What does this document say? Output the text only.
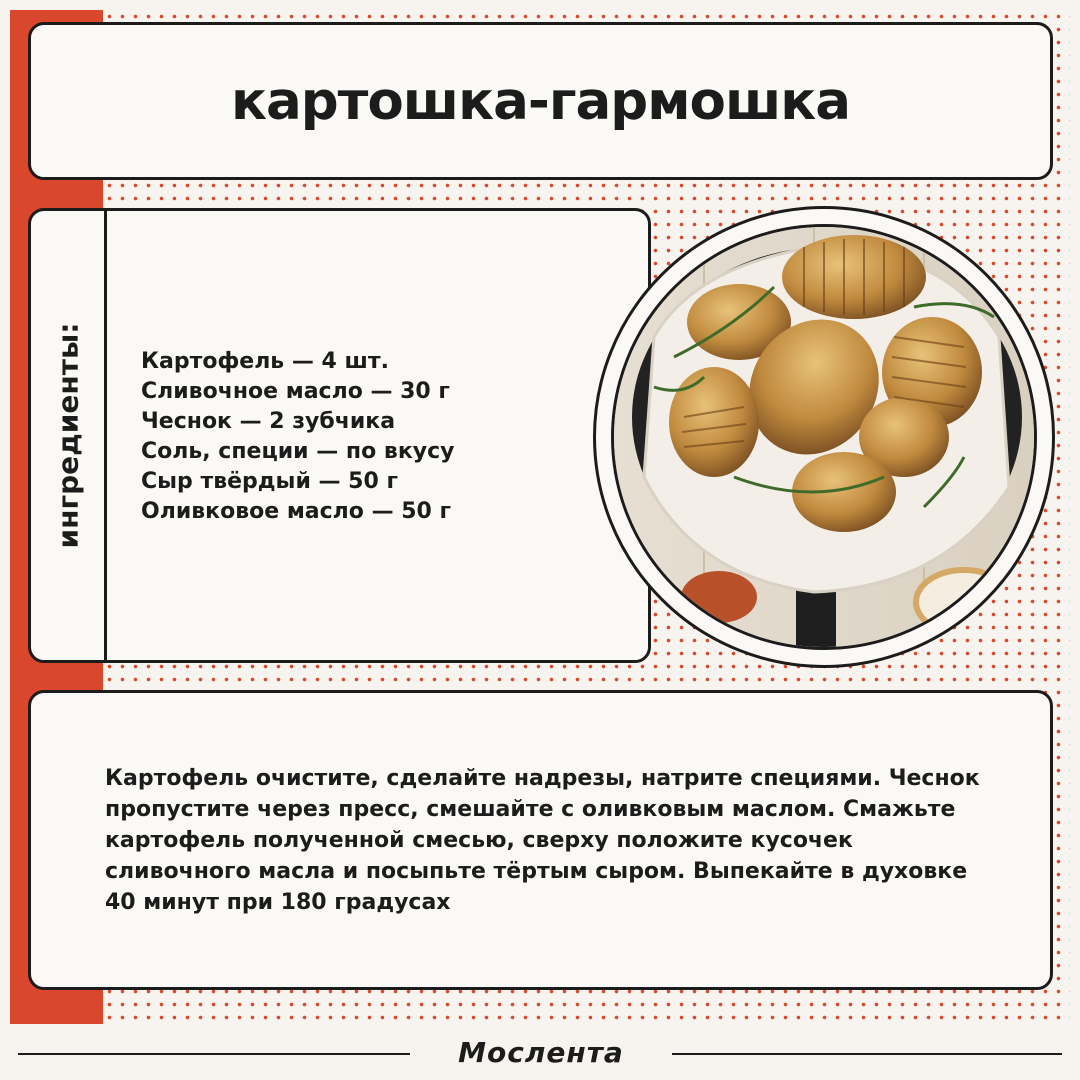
картошка-гармошка
ингредиенты:	Картофель — 4 шт.
Сливочное масло — 30 г
Чеснок — 2 зубчика
Соль, специи — по вкусу
Сыр твёрдый — 50 г
Оливковое масло — 50 г

Картофель очистите, сделайте надрезы, натрите специями. Чеснок пропустите через пресс, смешайте с оливковым маслом. Смажьте картофель полученной смесью, сверху положите кусочек сливочного масла и посыпьте тёртым сыром. Выпекайте в духовке 40 минут при 180 градусах

Мослента
